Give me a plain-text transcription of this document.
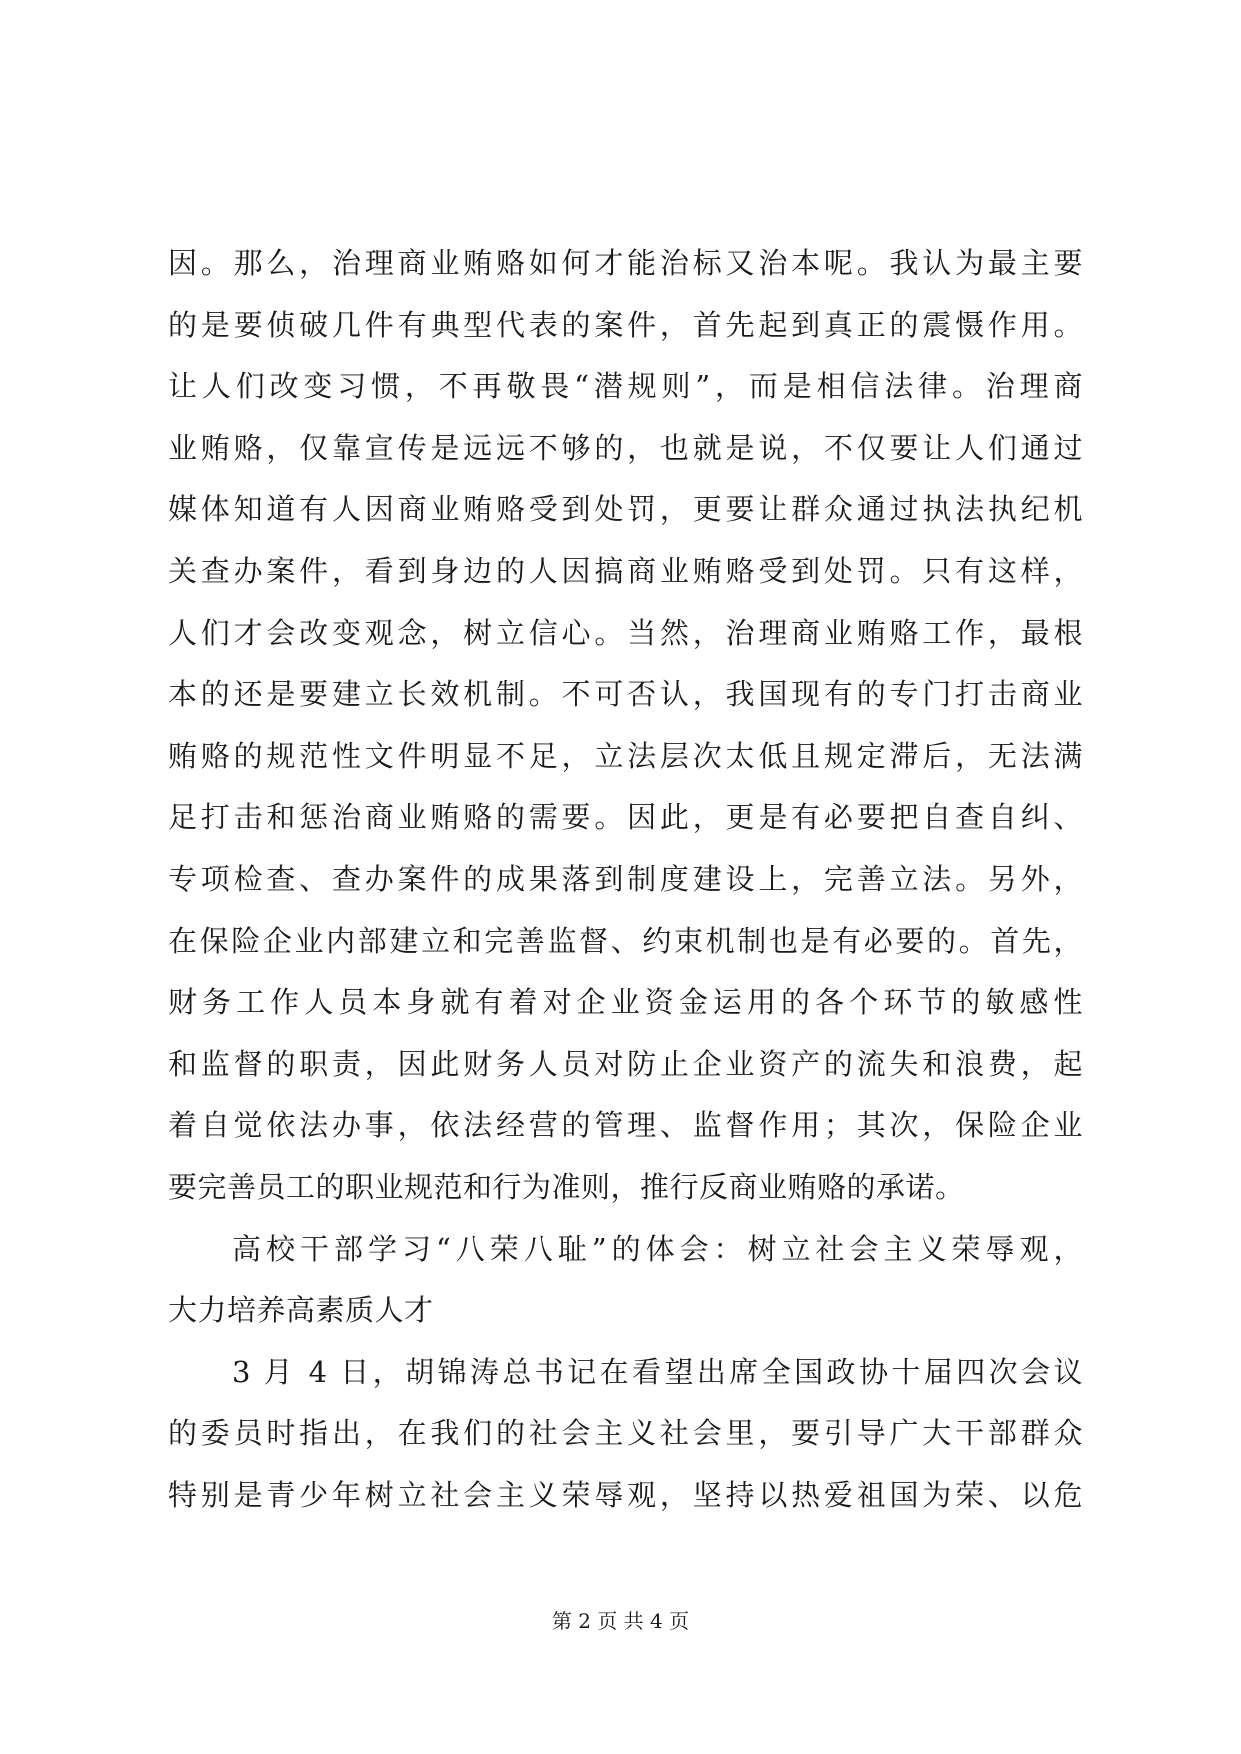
因。那么，治理商业贿赂如何才能治标又治本呢。我认为最主要
的是要侦破几件有典型代表的案件，首先起到真正的震慑作用。
让人们改变习惯，不再敬畏“潜规则”，而是相信法律。治理商
业贿赂，仅靠宣传是远远不够的，也就是说，不仅要让人们通过
媒体知道有人因商业贿赂受到处罚，更要让群众通过执法执纪机
关查办案件，看到身边的人因搞商业贿赂受到处罚。只有这样，
人们才会改变观念，树立信心。当然，治理商业贿赂工作，最根
本的还是要建立长效机制。不可否认，我国现有的专门打击商业
贿赂的规范性文件明显不足，立法层次太低且规定滞后，无法满
足打击和惩治商业贿赂的需要。因此，更是有必要把自查自纠、
专项检查、查办案件的成果落到制度建设上，完善立法。另外，
在保险企业内部建立和完善监督、约束机制也是有必要的。首先，
财务工作人员本身就有着对企业资金运用的各个环节的敏感性
和监督的职责，因此财务人员对防止企业资产的流失和浪费，起
着自觉依法办事，依法经营的管理、监督作用；其次，保险企业
要完善员工的职业规范和行为准则，推行反商业贿赂的承诺。
高校干部学习“八荣八耻”的体会：树立社会主义荣辱观，
大力培养高素质人才
3 月 4 日，胡锦涛总书记在看望出席全国政协十届四次会议
的委员时指出，在我们的社会主义社会里，要引导广大干部群众
特别是青少年树立社会主义荣辱观，坚持以热爱祖国为荣、以危
第 2 页 共 4 页
